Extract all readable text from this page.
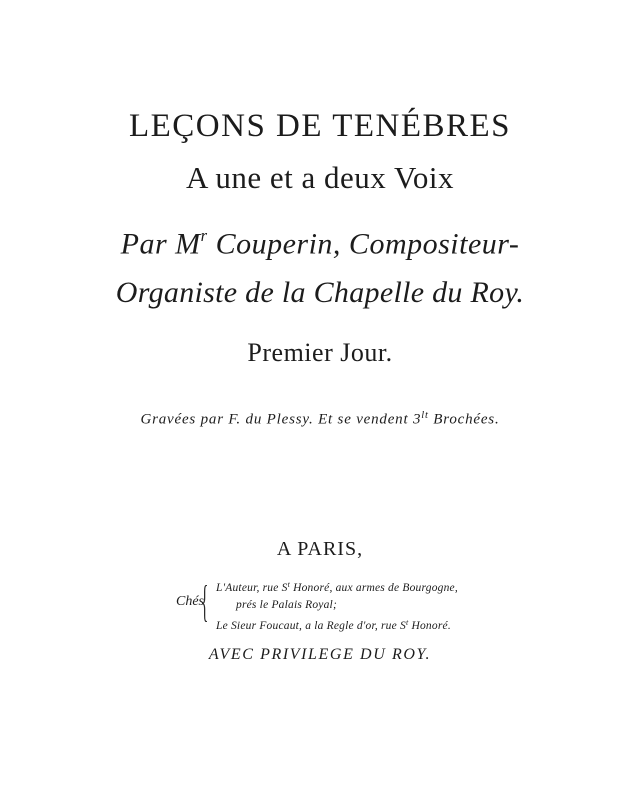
LEÇONS DE TENÉBRES
A une et a deux Voix
Par $M^r$ Couperin, Compositeur-
Organiste de la Chapelle du Roy.
Premier Jour.
Gravées par F. du Plessy. Et se vendent $3^{lt}$ Brochées.
A PARIS,
Chés
{ L'Auteur, rue $S^t$ Honoré, aux armes de Bourgogne,
prés le Palais Royal;
Le Sieur Foucaut, a la Regle d'or, rue $S^t$ Honoré.
AVEC PRIVILEGE DU ROY.
